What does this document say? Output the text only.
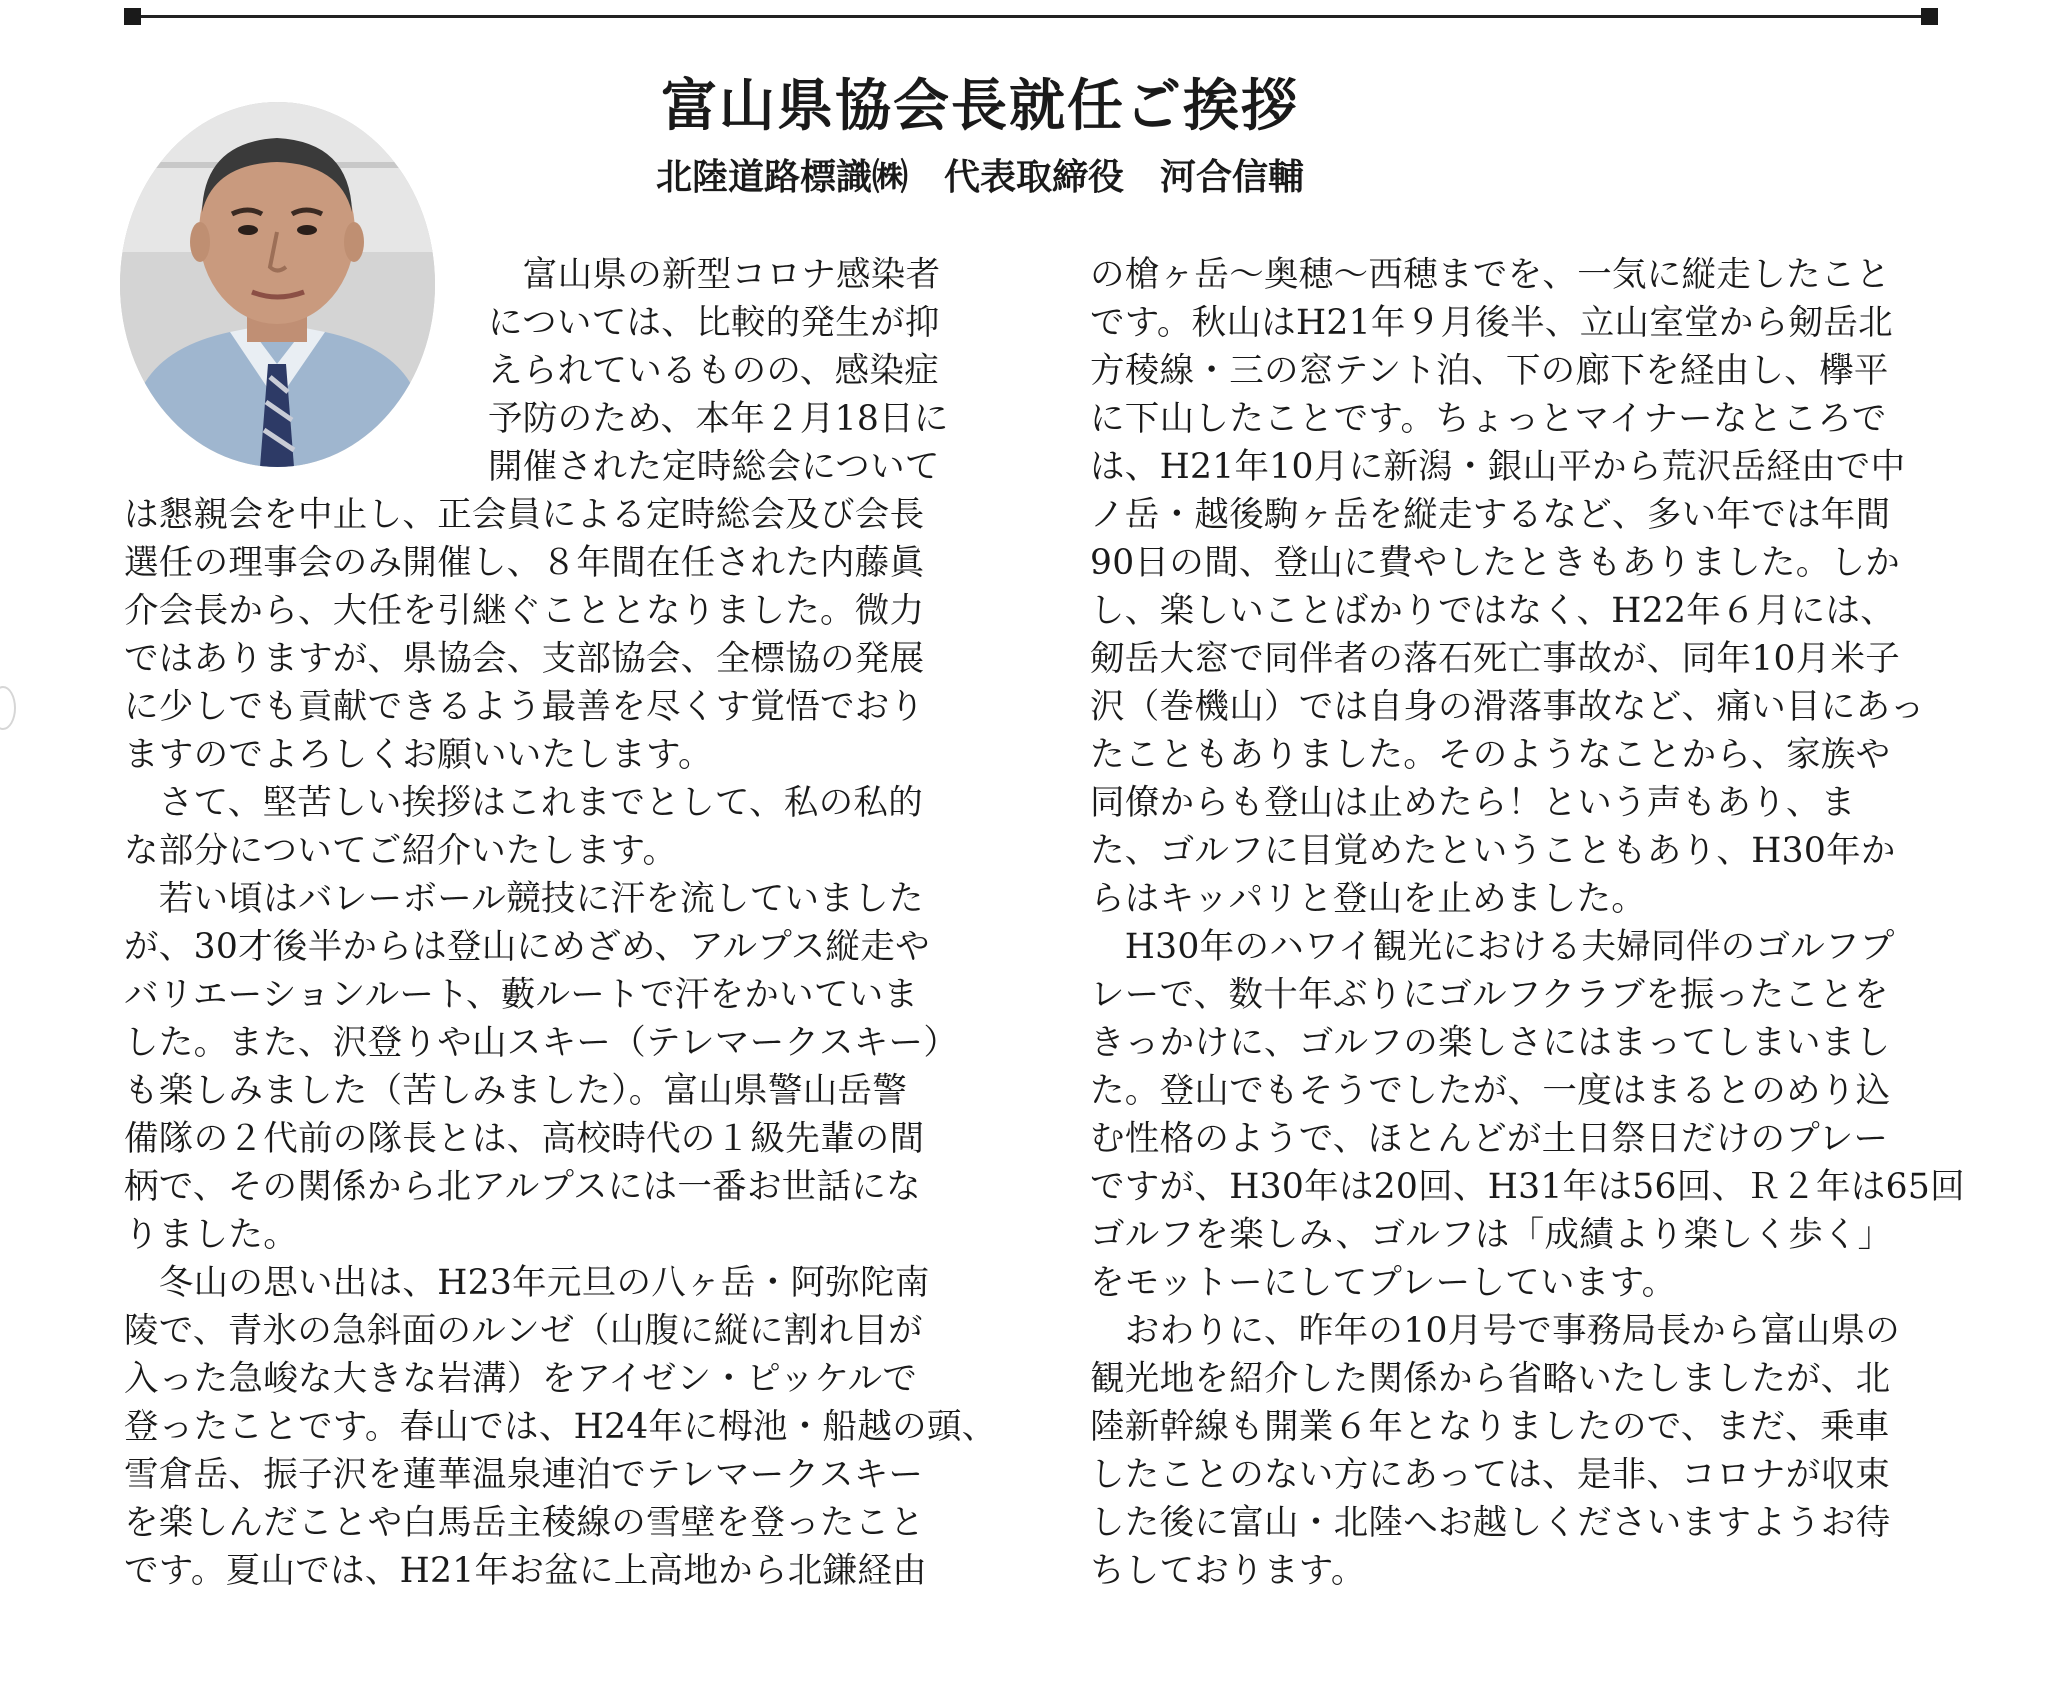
富山県協会長就任ご挨拶
北陸道路標識㈱　代表取締役　河合信輔

　富山県の新型コロナ感染者

については、比較的発生が抑

えられているものの、感染症

予防のため、本年２月18日に

開催された定時総会について

は懇親会を中止し、正会員による定時総会及び会長

選任の理事会のみ開催し、８年間在任された内藤眞

介会長から、大任を引継ぐこととなりました。微力

ではありますが、県協会、支部協会、全標協の発展

に少しでも貢献できるよう最善を尽くす覚悟でおり

ますのでよろしくお願いいたします。

　さて、堅苦しい挨拶はこれまでとして、私の私的

な部分についてご紹介いたします。

　若い頃はバレーボール競技に汗を流していました

が、30才後半からは登山にめざめ、アルプス縦走や

バリエーションルート、藪ルートで汗をかいていま

した。また、沢登りや山スキー（テレマークスキー）

も楽しみました（苦しみました）。富山県警山岳警

備隊の２代前の隊長とは、高校時代の１級先輩の間

柄で、その関係から北アルプスには一番お世話にな

りました。

　冬山の思い出は、H23年元旦の八ヶ岳・阿弥陀南

陵で、青氷の急斜面のルンゼ（山腹に縦に割れ目が

入った急峻な大きな岩溝）をアイゼン・ピッケルで

登ったことです。春山では、H24年に栂池・船越の頭、

雪倉岳、振子沢を蓮華温泉連泊でテレマークスキー

を楽しんだことや白馬岳主稜線の雪壁を登ったこと

です。夏山では、H21年お盆に上高地から北鎌経由

の槍ヶ岳～奥穂～西穂までを、一気に縦走したこと

です。秋山はH21年９月後半、立山室堂から剱岳北

方稜線・三の窓テント泊、下の廊下を経由し、欅平

に下山したことです。ちょっとマイナーなところで

は、H21年10月に新潟・銀山平から荒沢岳経由で中

ノ岳・越後駒ヶ岳を縦走するなど、多い年では年間

90日の間、登山に費やしたときもありました。しか

し、楽しいことばかりではなく、H22年６月には、

剱岳大窓で同伴者の落石死亡事故が、同年10月米子

沢（巻機山）では自身の滑落事故など、痛い目にあっ

たこともありました。そのようなことから、家族や

同僚からも登山は止めたら！という声もあり、ま

た、ゴルフに目覚めたということもあり、H30年か

らはキッパリと登山を止めました。

　H30年のハワイ観光における夫婦同伴のゴルフプ

レーで、数十年ぶりにゴルフクラブを振ったことを

きっかけに、ゴルフの楽しさにはまってしまいまし

た。登山でもそうでしたが、一度はまるとのめり込

む性格のようで、ほとんどが土日祭日だけのプレー

ですが、H30年は20回、H31年は56回、Ｒ２年は65回

ゴルフを楽しみ、ゴルフは「成績より楽しく歩く」

をモットーにしてプレーしています。

　おわりに、昨年の10月号で事務局長から富山県の

観光地を紹介した関係から省略いたしましたが、北

陸新幹線も開業６年となりましたので、まだ、乗車

したことのない方にあっては、是非、コロナが収束

した後に富山・北陸へお越しくださいますようお待

ちしております。
